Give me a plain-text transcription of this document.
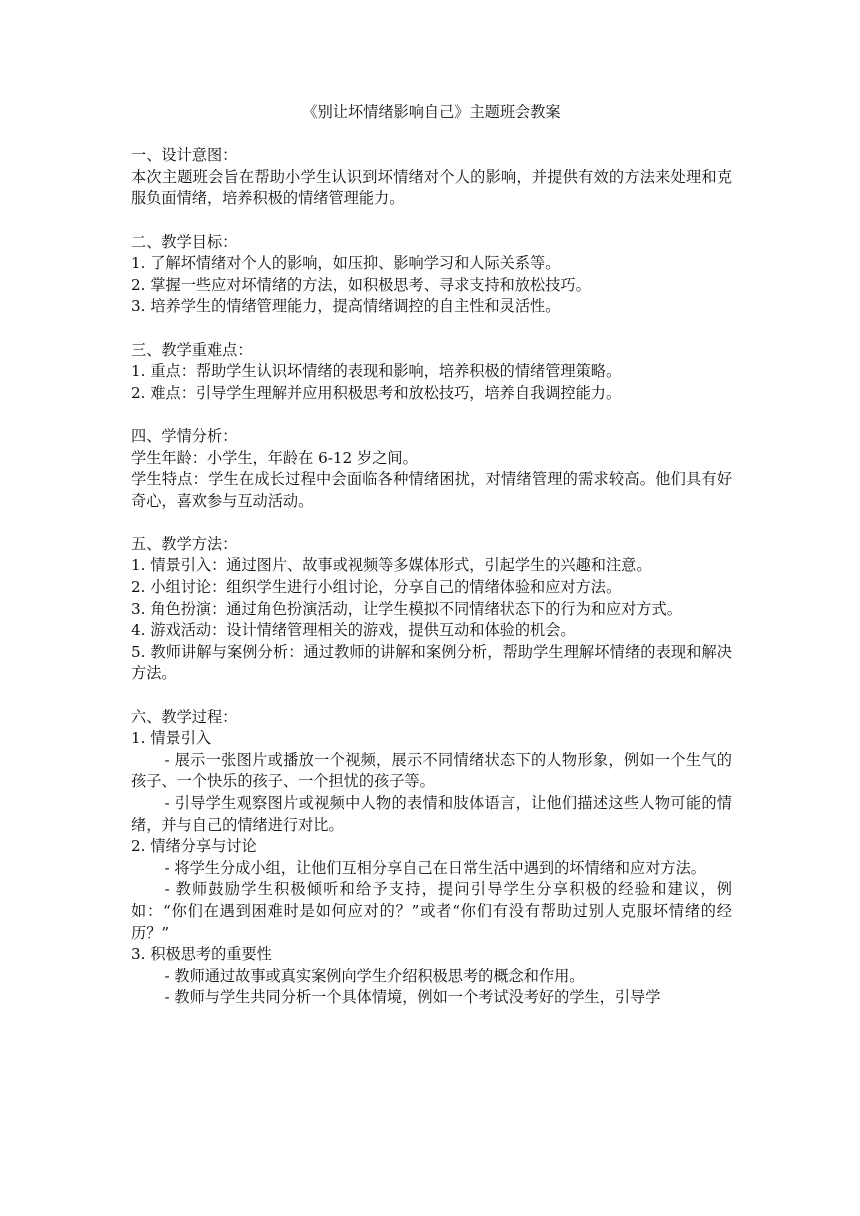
《别让坏情绪影响自己》主题班会教案

一、设计意图：

本次主题班会旨在帮助小学生认识到坏情绪对个人的影响，并提供有效的方法来处理和克服负面情绪，培养积极的情绪管理能力。

二、教学目标：

1. 了解坏情绪对个人的影响，如压抑、影响学习和人际关系等。

2. 掌握一些应对坏情绪的方法，如积极思考、寻求支持和放松技巧。

3. 培养学生的情绪管理能力，提高情绪调控的自主性和灵活性。

三、教学重难点：

1. 重点：帮助学生认识坏情绪的表现和影响，培养积极的情绪管理策略。

2. 难点：引导学生理解并应用积极思考和放松技巧，培养自我调控能力。

四、学情分析：

学生年龄：小学生，年龄在 6-12 岁之间。

学生特点：学生在成长过程中会面临各种情绪困扰，对情绪管理的需求较高。他们具有好奇心，喜欢参与互动活动。

五、教学方法：

1. 情景引入：通过图片、故事或视频等多媒体形式，引起学生的兴趣和注意。

2. 小组讨论：组织学生进行小组讨论，分享自己的情绪体验和应对方法。

3. 角色扮演：通过角色扮演活动，让学生模拟不同情绪状态下的行为和应对方式。

4. 游戏活动：设计情绪管理相关的游戏，提供互动和体验的机会。

5. 教师讲解与案例分析：通过教师的讲解和案例分析，帮助学生理解坏情绪的表现和解决方法。

六、教学过程：

1. 情景引入

- 展示一张图片或播放一个视频，展示不同情绪状态下的人物形象，例如一个生气的孩子、一个快乐的孩子、一个担忧的孩子等。

- 引导学生观察图片或视频中人物的表情和肢体语言，让他们描述这些人物可能的情绪，并与自己的情绪进行对比。

2. 情绪分享与讨论

- 将学生分成小组，让他们互相分享自己在日常生活中遇到的坏情绪和应对方法。

- 教师鼓励学生积极倾听和给予支持，提问引导学生分享积极的经验和建议，例如：“你们在遇到困难时是如何应对的？”或者“你们有没有帮助过别人克服坏情绪的经历？”

3. 积极思考的重要性

- 教师通过故事或真实案例向学生介绍积极思考的概念和作用。

- 教师与学生共同分析一个具体情境，例如一个考试没考好的学生，引导学
